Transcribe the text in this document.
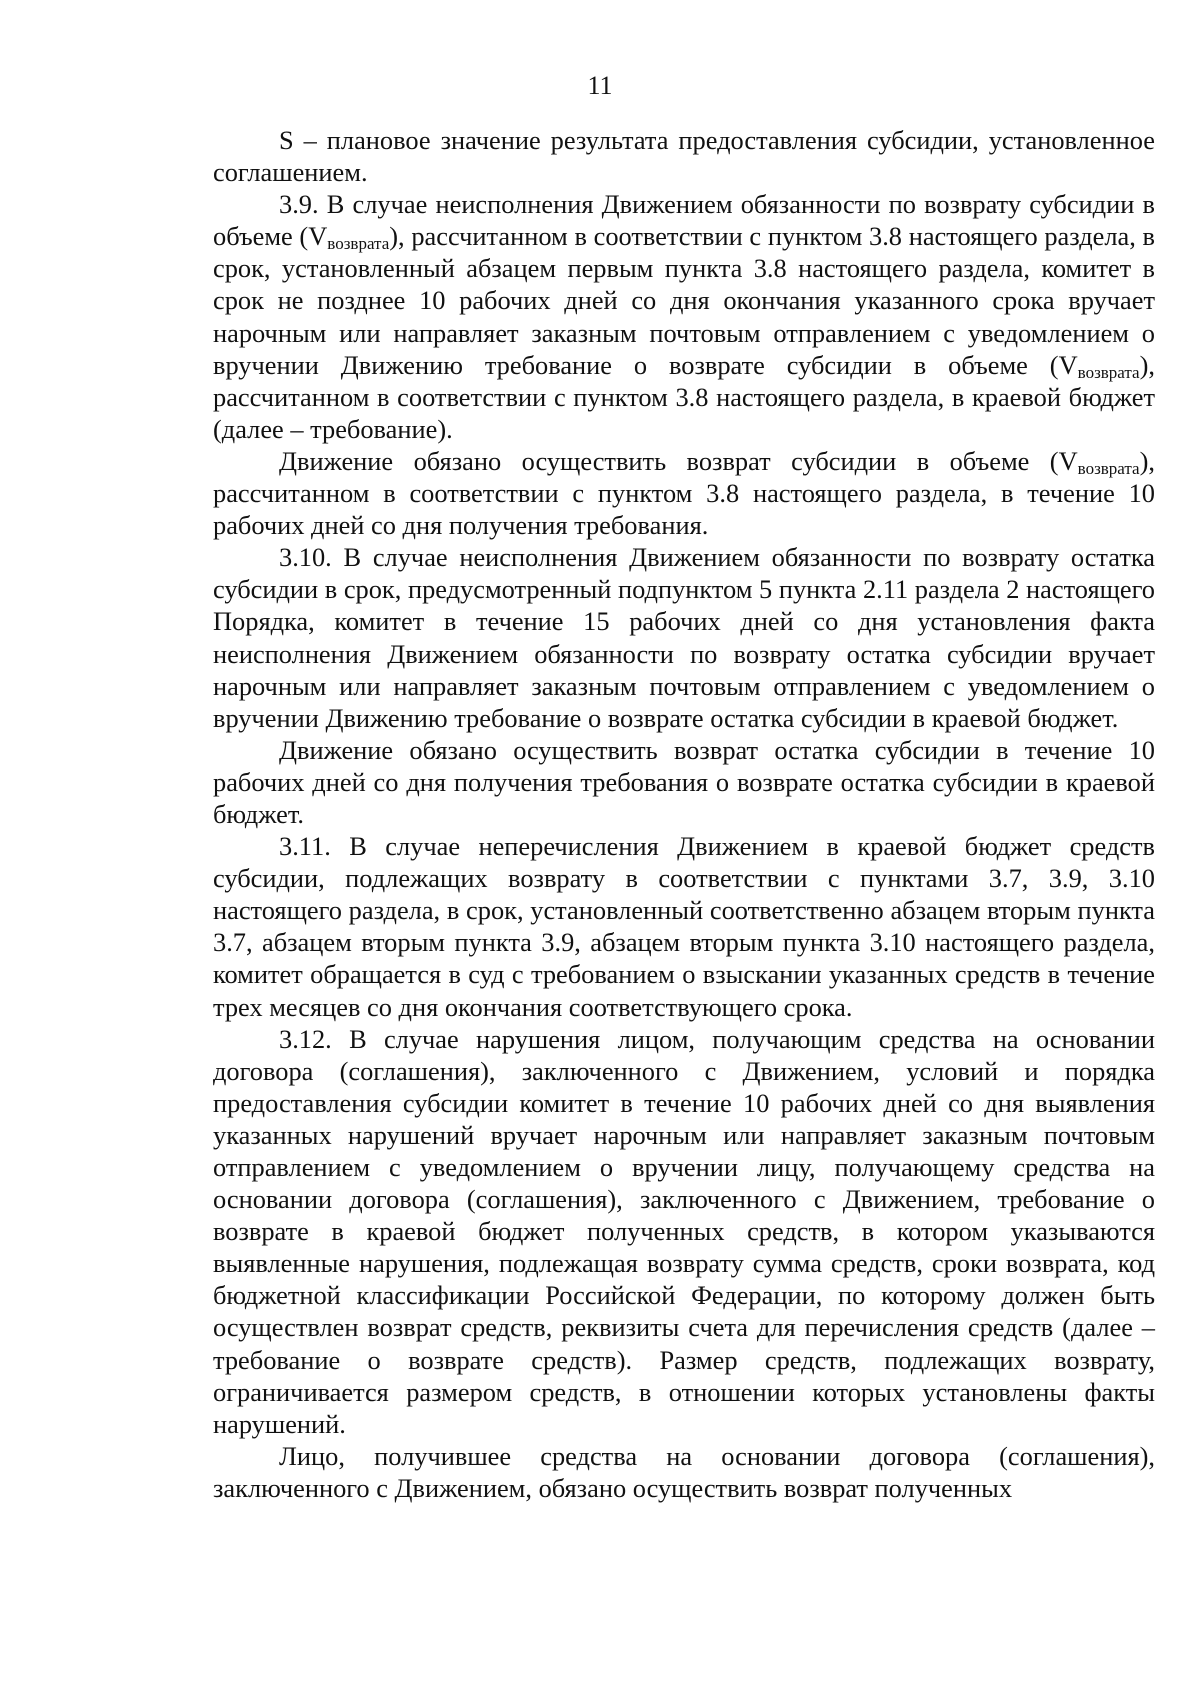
11

S – плановое значение результата предоставления субсидии, установленное соглашением.

3.9. В случае неисполнения Движением обязанности по возврату субсидии в объеме $(V_{возврата})$, рассчитанном в соответствии с пунктом 3.8 настоящего раздела, в срок, установленный абзацем первым пункта 3.8 настоящего раздела, комитет в срок не позднее 10 рабочих дней со дня окончания указанного срока вручает нарочным или направляет заказным почтовым отправлением с уведомлением о вручении Движению требование о возврате субсидии в объеме $(V_{возврата})$, рассчитанном в соответствии с пунктом 3.8 настоящего раздела, в краевой бюджет (далее – требование).

Движение обязано осуществить возврат субсидии в объеме $(V_{возврата})$, рассчитанном в соответствии с пунктом 3.8 настоящего раздела, в течение 10 рабочих дней со дня получения требования.

3.10. В случае неисполнения Движением обязанности по возврату остатка субсидии в срок, предусмотренный подпунктом 5 пункта 2.11 раздела 2 настоящего Порядка, комитет в течение 15 рабочих дней со дня установления факта неисполнения Движением обязанности по возврату остатка субсидии вручает нарочным или направляет заказным почтовым отправлением с уведомлением о вручении Движению требование о возврате остатка субсидии в краевой бюджет.

Движение обязано осуществить возврат остатка субсидии в течение 10 рабочих дней со дня получения требования о возврате остатка субсидии в краевой бюджет.

3.11. В случае неперечисления Движением в краевой бюджет средств субсидии, подлежащих возврату в соответствии с пунктами 3.7, 3.9, 3.10 настоящего раздела, в срок, установленный соответственно абзацем вторым пункта 3.7, абзацем вторым пункта 3.9, абзацем вторым пункта 3.10 настоящего раздела, комитет обращается в суд с требованием о взыскании указанных средств в течение трех месяцев со дня окончания соответствующего срока.

3.12. В случае нарушения лицом, получающим средства на основании договора (соглашения), заключенного с Движением, условий и порядка предоставления субсидии комитет в течение 10 рабочих дней со дня выявления указанных нарушений вручает нарочным или направляет заказным почтовым отправлением с уведомлением о вручении лицу, получающему средства на основании договора (соглашения), заключенного с Движением, требование о возврате в краевой бюджет полученных средств, в котором указываются выявленные нарушения, подлежащая возврату сумма средств, сроки возврата, код бюджетной классификации Российской Федерации, по которому должен быть осуществлен возврат средств, реквизиты счета для перечисления средств (далее – требование о возврате средств). Размер средств, подлежащих возврату, ограничивается размером средств, в отношении которых установлены факты нарушений.

Лицо, получившее средства на основании договора (соглашения), заключенного с Движением, обязано осуществить возврат полученных
